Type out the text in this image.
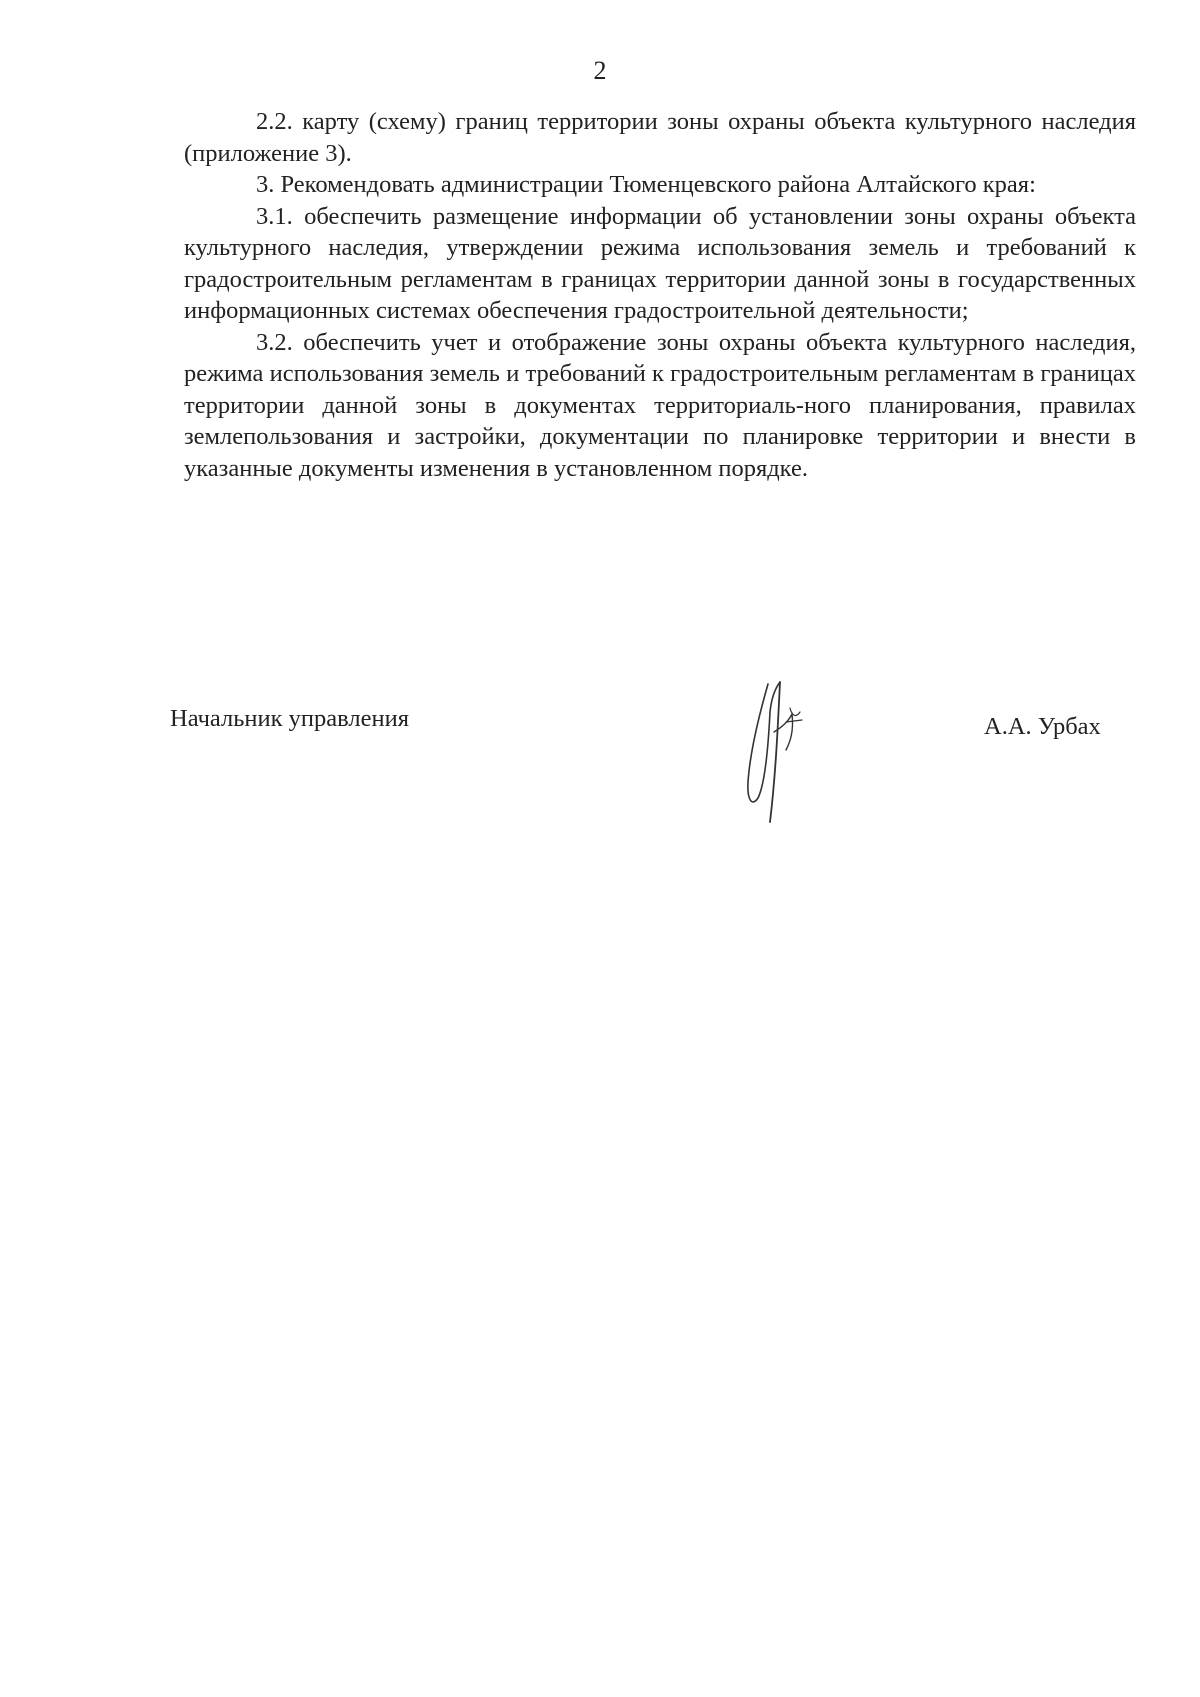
2

2.2. карту (схему) границ территории зоны охраны объекта культурного наследия (приложение 3).

3. Рекомендовать администрации Тюменцевского района Алтайского края:

3.1. обеспечить размещение информации об установлении зоны охраны объекта культурного наследия, утверждении режима использования земель и требований к градостроительным регламентам в границах территории данной зоны в государственных информационных системах обеспечения градостроительной деятельности;

3.2. обеспечить учет и отображение зоны охраны объекта культурного наследия, режима использования земель и требований к градостроительным регламентам в границах территории данной зоны в документах территориаль-ного планирования, правилах землепользования и застройки, документации по планировке территории и внести в указанные документы изменения в установленном порядке.

Начальник управления	А.А. Урбах
